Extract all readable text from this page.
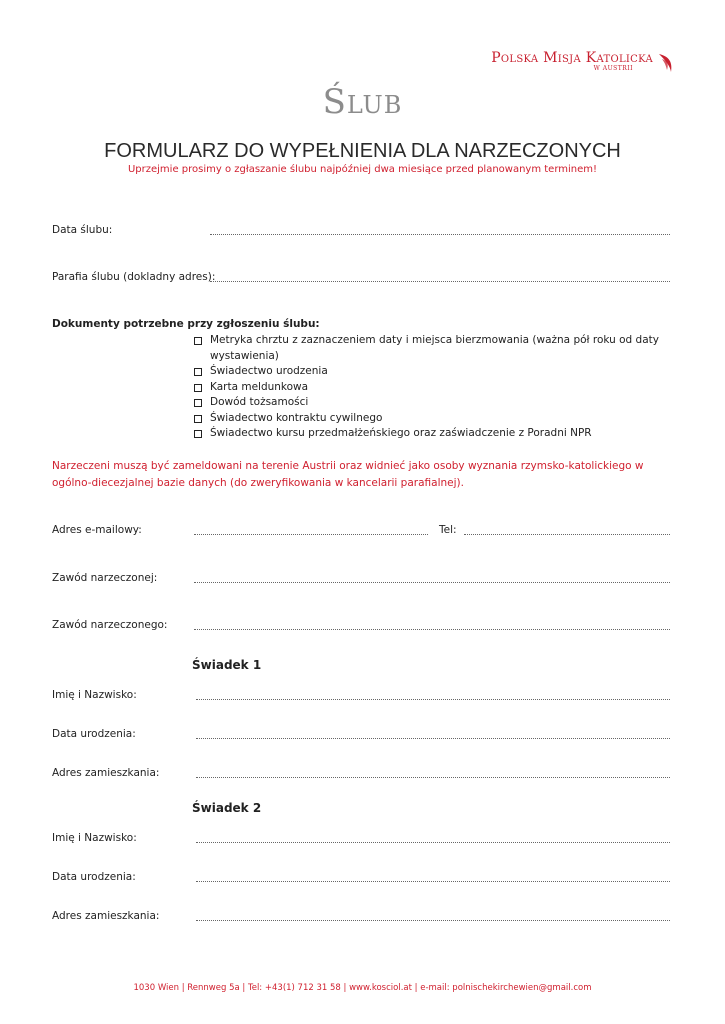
Polska Misja Katolicka
W AUSTRII
Ślub
FORMULARZ DO WYPEŁNIENIA DLA NARZECZONYCH
Uprzejmie prosimy o zgłaszanie ślubu najpóźniej dwa miesiące przed planowanym terminem!
Data ślubu:
Parafia ślubu (dokladny adres):
Dokumenty potrzebne przy zgłoszeniu ślubu:
Metryka chrztu z zaznaczeniem daty i miejsca bierzmowania (ważna pół roku od daty wystawienia)
Świadectwo urodzenia
Karta meldunkowa
Dowód tożsamości
Świadectwo kontraktu cywilnego
Świadectwo kursu przedmałżeńskiego oraz zaświadczenie z Poradni NPR
Narzeczeni muszą być zameldowani na terenie Austrii oraz widnieć jako osoby wyznania rzymsko-katolickiego w ogólno-diecezjalnej bazie danych (do zweryfikowania w kancelarii parafialnej).
Adres e-mailowy:	Tel:
Zawód narzeczonej:
Zawód narzeczonego:
Świadek 1
Imię i Nazwisko:
Data urodzenia:
Adres zamieszkania:
Świadek 2
Imię i Nazwisko:
Data urodzenia:
Adres zamieszkania:
1030 Wien | Rennweg 5a | Tel: +43(1) 712 31 58 | www.kosciol.at | e-mail: polnischekirchewien@gmail.com
